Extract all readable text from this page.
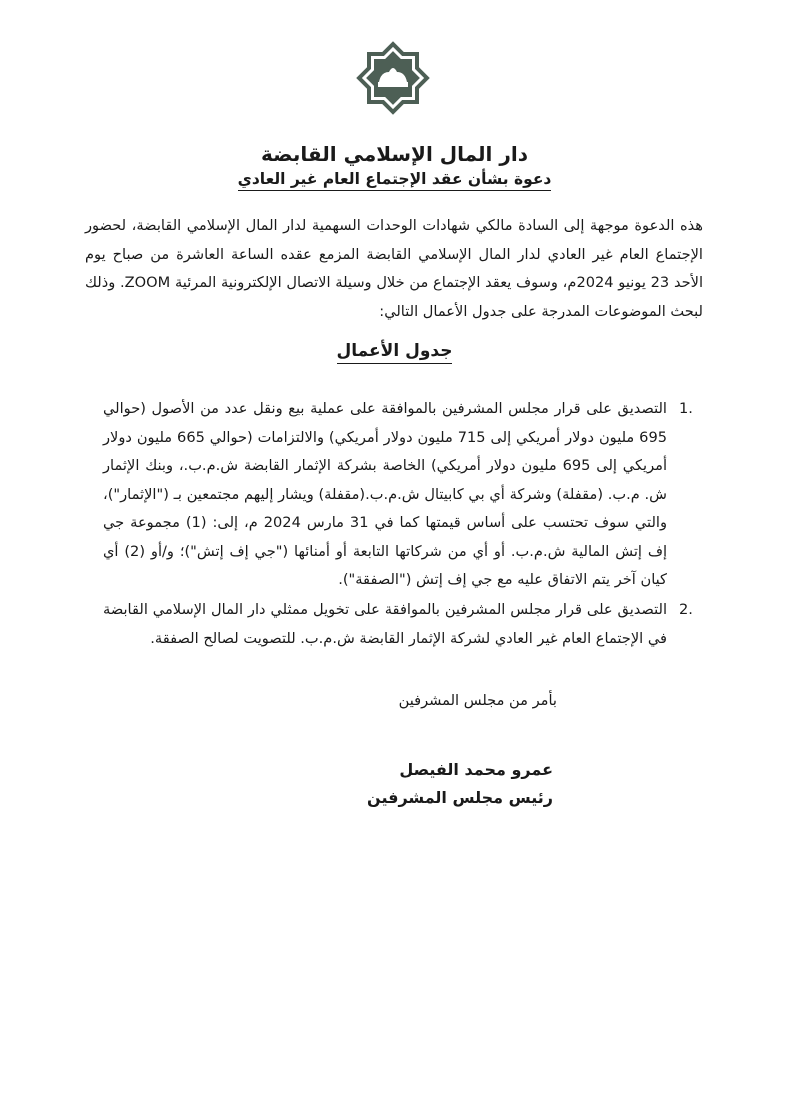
دار المال الإسلامي القابضة
دعوة بشأن عقد الإجتماع العام غير العادي

هذه الدعوة موجهة إلى السادة مالكي شهادات الوحدات السهمية لدار المال الإسلامي القابضة، لحضور الإجتماع العام غير العادي لدار المال الإسلامي القابضة المزمع عقده الساعة العاشرة من صباح يوم الأحد 23 يونيو 2024م، وسوف يعقد الإجتماع من خلال وسيلة الاتصال الإلكترونية المرئية ZOOM. وذلك لبحث الموضوعات المدرجة على جدول الأعمال التالي:

جدول الأعمال
1.
التصديق على قرار مجلس المشرفين بالموافقة على عملية بيع ونقل عدد من الأصول (حوالي 695 مليون دولار أمريكي إلى 715 مليون دولار أمريكي) والالتزامات (حوالي 665 مليون دولار أمريكي إلى 695 مليون دولار أمريكي) الخاصة بشركة الإثمار القابضة ش.م.ب.، وبنك الإثمار ش. م.ب. (مقفلة) وشركة أي بي كابيتال ش.م.ب.(مقفلة) ويشار إليهم مجتمعين بـ ("الإثمار")، والتي سوف تحتسب على أساس قيمتها كما في 31 مارس 2024 م، إلى: (1) مجموعة جي إف إتش المالية ش.م.ب. أو أي من شركاتها التابعة أو أمنائها ("جي إف إتش")؛ و/أو (2) أي كيان آخر يتم الاتفاق عليه مع جي إف إتش ("الصفقة").
2.
التصديق على قرار مجلس المشرفين بالموافقة على تخويل ممثلي دار المال الإسلامي القابضة في الإجتماع العام غير العادي لشركة الإثمار القابضة ش.م.ب. للتصويت لصالح الصفقة.
بأمر من مجلس المشرفين
عمرو محمد الفيصل
رئيس مجلس المشرفين
